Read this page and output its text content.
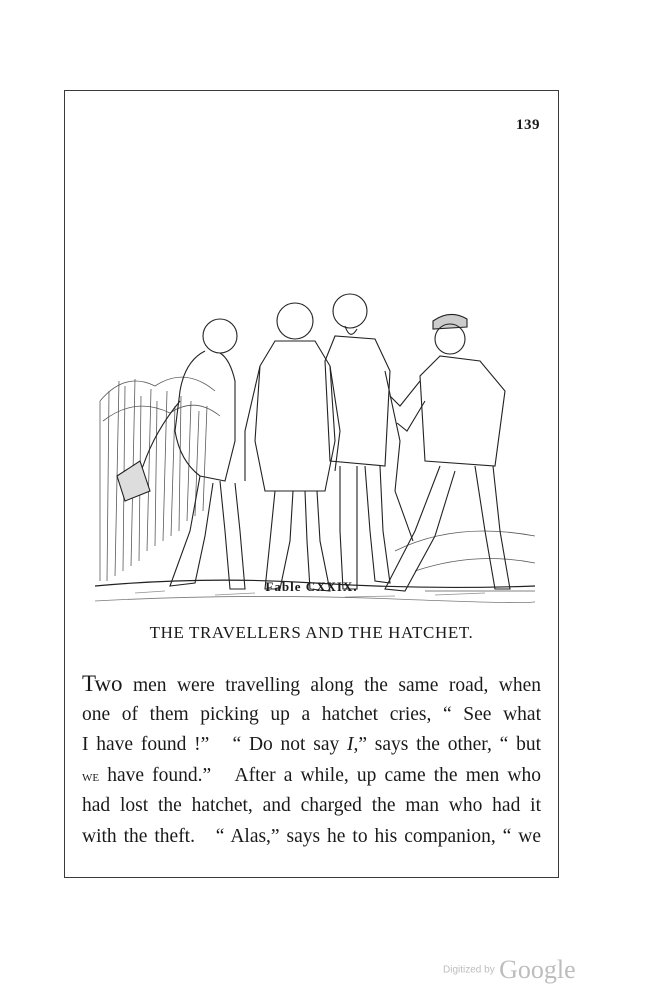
139
Fable CXXIX.
THE TRAVELLERS AND THE HATCHET.
Two men were travelling along the same road, when
one of them picking up a hatchet cries, “ See what
I have found !”   “ Do not say I,” says the other, “ but
we have found.”   After a while, up came the men who
had lost the hatchet, and charged the man who had it
with the theft.   “ Alas,” says he to his companion, “ we
Digitized by Google
